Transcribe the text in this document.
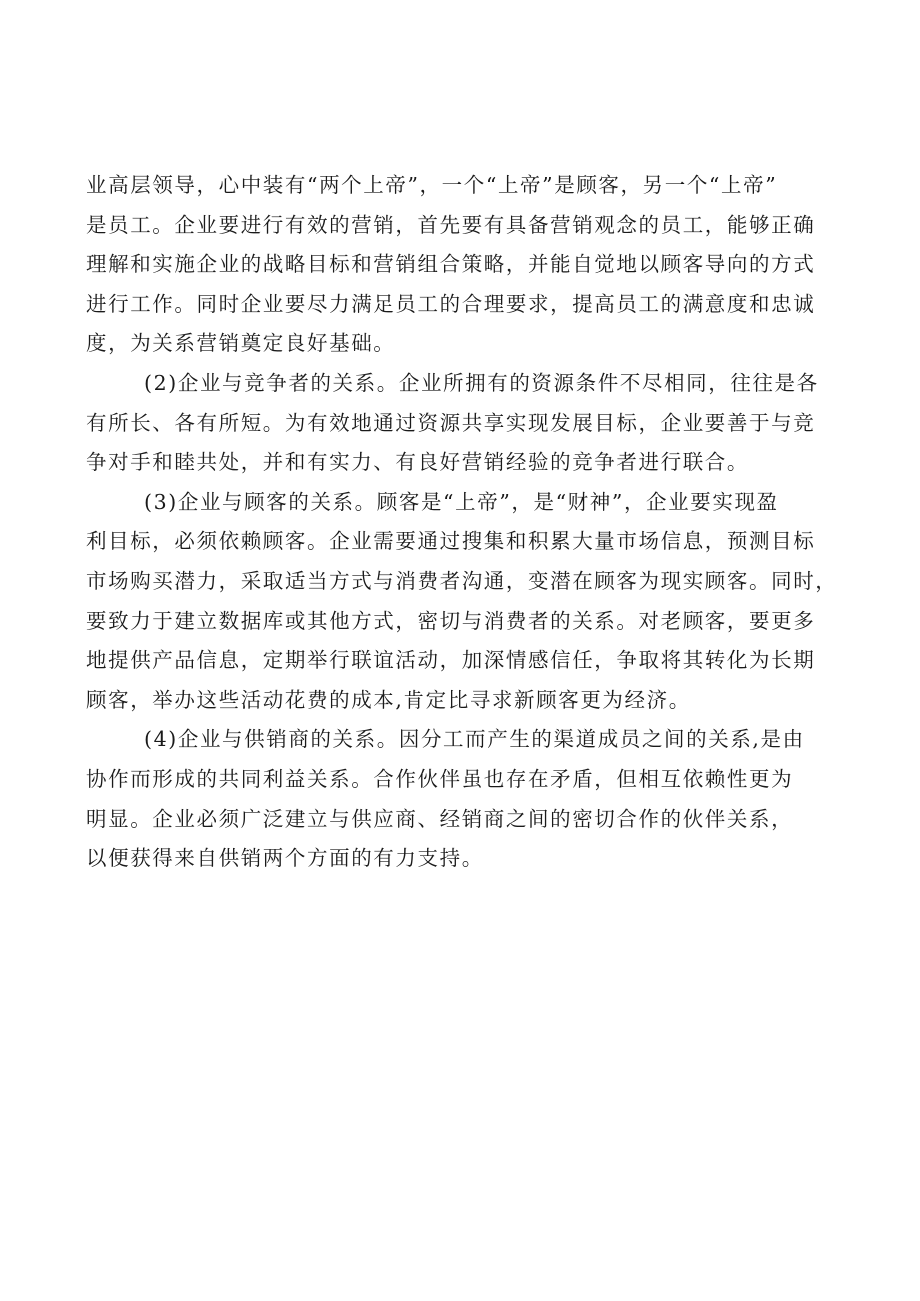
业高层领导，心中装有“两个上帝”，一个“上帝”是顾客，另一个“上帝”
是员工。企业要进行有效的营销，首先要有具备营销观念的员工，能够正确
理解和实施企业的战略目标和营销组合策略，并能自觉地以顾客导向的方式
进行工作。同时企业要尽力满足员工的合理要求，提高员工的满意度和忠诚
度，为关系营销奠定良好基础。
(2)企业与竞争者的关系。企业所拥有的资源条件不尽相同，往往是各
有所长、各有所短。为有效地通过资源共享实现发展目标，企业要善于与竞
争对手和睦共处，并和有实力、有良好营销经验的竞争者进行联合。
(3)企业与顾客的关系。顾客是“上帝”，是“财神”，企业要实现盈
利目标，必须依赖顾客。企业需要通过搜集和积累大量市场信息，预测目标
市场购买潜力，采取适当方式与消费者沟通，变潜在顾客为现实顾客。同时，
要致力于建立数据库或其他方式，密切与消费者的关系。对老顾客，要更多
地提供产品信息，定期举行联谊活动，加深情感信任，争取将其转化为长期
顾客，举办这些活动花费的成本,肯定比寻求新顾客更为经济。
(4)企业与供销商的关系。因分工而产生的渠道成员之间的关系,是由
协作而形成的共同利益关系。合作伙伴虽也存在矛盾，但相互依赖性更为
明显。企业必须广泛建立与供应商、经销商之间的密切合作的伙伴关系，
以便获得来自供销两个方面的有力支持。
